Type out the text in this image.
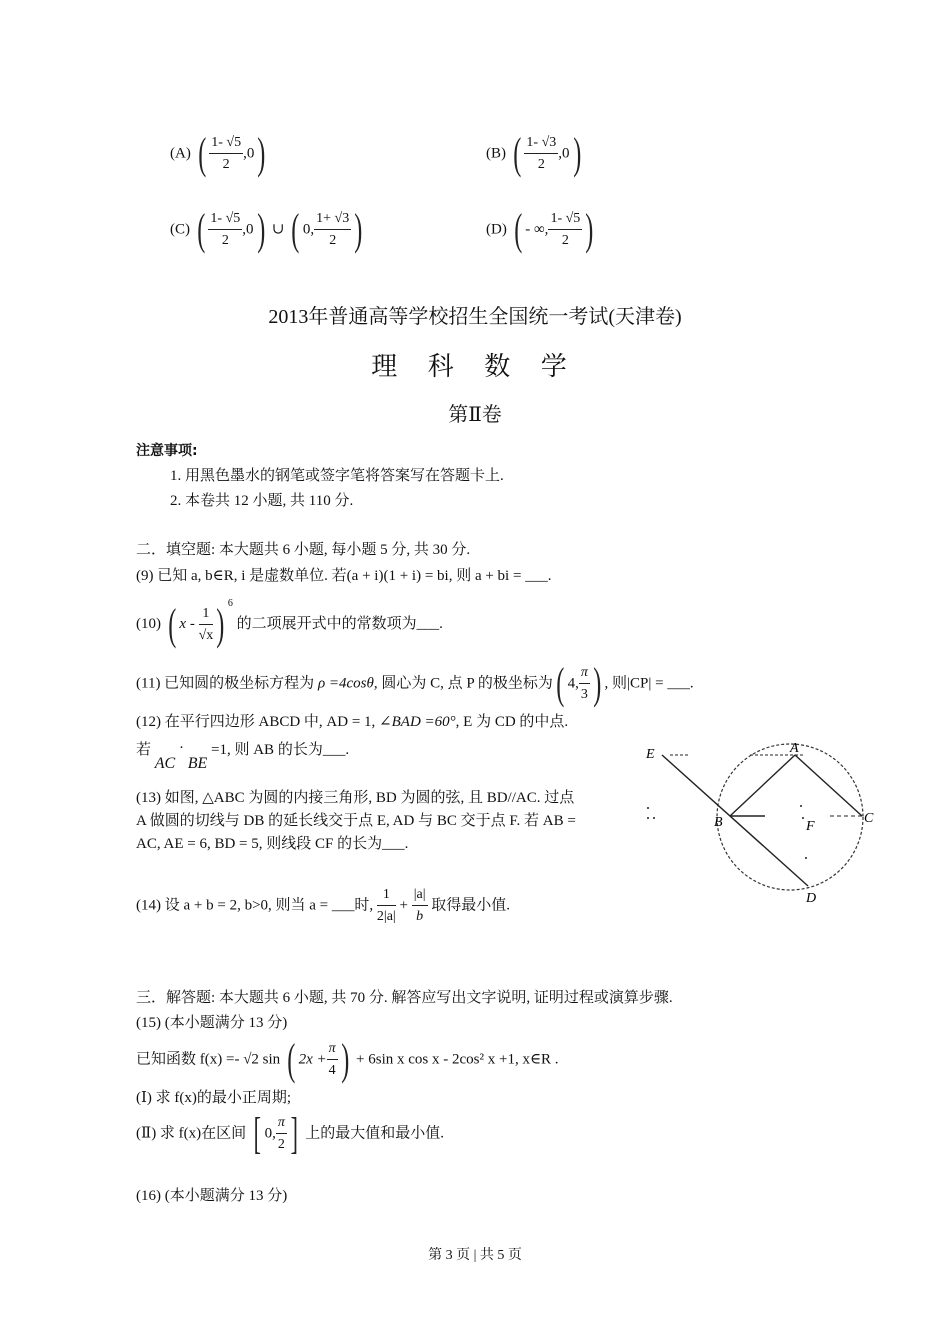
(A) ( $\frac{1- √5}{2} ,0$)	(B) ( $\frac{1- √3}{2} ,0$)
(C) ( $\frac{1- √5}{2} ,0$) ∪ ( 0, $\frac{1+ √3}{2}$ )	(D) ( - ∞, $\frac{1- √5}{2}$ )
2013年普通高等学校招生全国统一考试(天津卷)
理 科 数 学
第Ⅱ卷
注意事项:
1. 用黑色墨水的钢笔或签字笔将答案写在答题卡上.
2. 本卷共 12 小题, 共 110 分.
二．填空题: 本大题共 6 小题, 每小题 5 分, 共 30 分.
(9) 已知 a, b∈R, i 是虚数单位. 若(a + i)(1 + i) = bi, 则 a + bi = ___.
(10) ( x - $\frac{1}{√x}$ ) $^6$ 的二项展开式中的常数项为___.
(11) 已知圆的极坐标方程为 ρ =4cosθ, 圆心为 C, 点 P 的极坐标为( 4, $\frac{\pi}{3}$ ) , 则|CP| = ___.
(12) 在平行四边形 ABCD 中, AD = 1, ∠BAD =60°, E 为 CD 的中点.
若 AC · BE =1, 则 AB 的长为___.
(13) 如图, △ABC 为圆的内接三角形, BD 为圆的弦, 且 BD//AC. 过点
A 做圆的切线与 DB 的延长线交于点 E, AD 与 BC 交于点 F. 若 AB =
AC, AE = 6, BD = 5, 则线段 CF 的长为___.
E	A
B	C
F
D
(14) 设 a + b = 2, b>0, 则当 a = ___时, $\frac{1}{2|a|} + \frac{|a|}{b}$ 取得最小值.
三．解答题: 本大题共 6 小题, 共 70 分. 解答应写出文字说明, 证明过程或演算步骤.
(15) (本小题满分 13 分)
已知函数 f(x) =- √2 sin ( $2x + \frac{\pi}{4}$ ) + 6sin x cos x - 2cos² x +1, x∈R .
(Ⅰ) 求 f(x)的最小正周期;
(Ⅱ) 求 f(x)在区间 [ 0, $\frac{\pi}{2}$ ] 上的最大值和最小值.
(16) (本小题满分 13 分)
第 3 页 | 共 5 页
